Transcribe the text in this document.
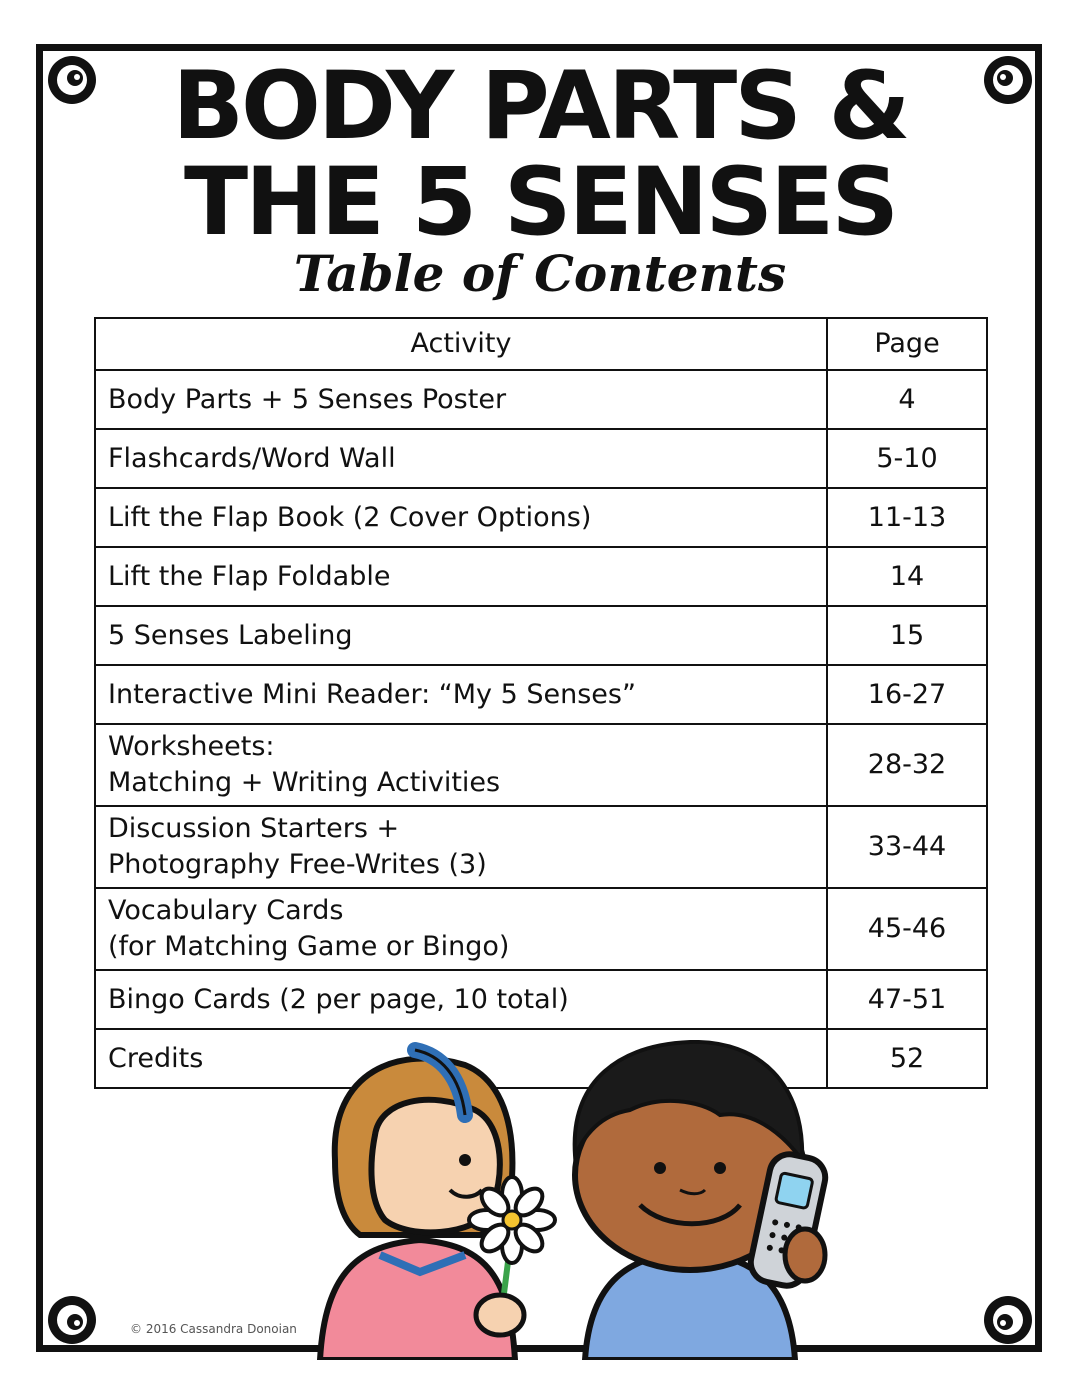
BODY PARTS &
THE 5 SENSES
Table of Contents
Activity	Page

Body Parts + 5 Senses Poster	4

Flashcards/Word Wall	5-10

Lift the Flap Book (2 Cover Options)	11-13

Lift the Flap Foldable	14

5 Senses Labeling	15

Interactive Mini Reader: “My 5 Senses”	16-27

Worksheets:
Matching + Writing Activities	28-32

Discussion Starters +
Photography Free-Writes (3)	33-44

Vocabulary Cards
(for Matching Game or Bingo)	45-46

Bingo Cards (2 per page, 10 total)	47-51

Credits	52
© 2016 Cassandra Donoian
